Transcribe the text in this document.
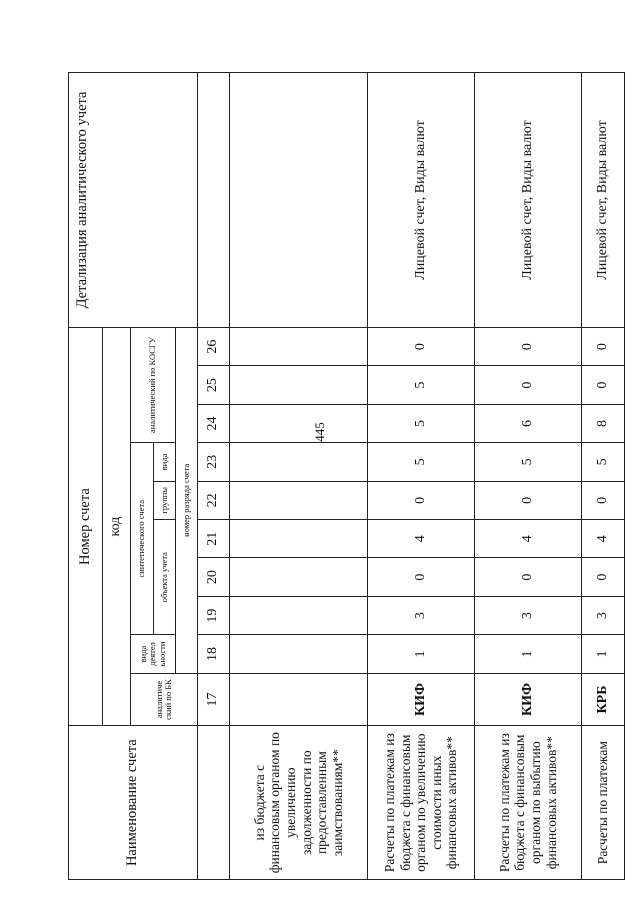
445
Наименование счета	Номер счета										Детализация аналитического учета
	код										
	аналитиче ский по БК	вида деятел ьности	синтетического счета					аналитический по КОСГУ			
			объекта учета			группы	вида				
		номер разряда счета									
	17	18	19	20	21	22	23	24	25	26	
из бюджета с финансовым органом по увеличению задолженности по предоставленным заимствованиям**											
Расчеты по платежам из бюджета с финансовым органом по увеличению стоимости иных финансовых активов**	КИФ	1	3	0	4	0	5	5	5	0	Лицевой счет, Виды валют
Расчеты по платежам из бюджета с финансовым органом по выбытию финансовых активов**	КИФ	1	3	0	4	0	5	6	0	0	Лицевой счет, Виды валют
Расчеты по платежам	КРБ	1	3	0	4	0	5	8	0	0	Лицевой счет, Виды валют
